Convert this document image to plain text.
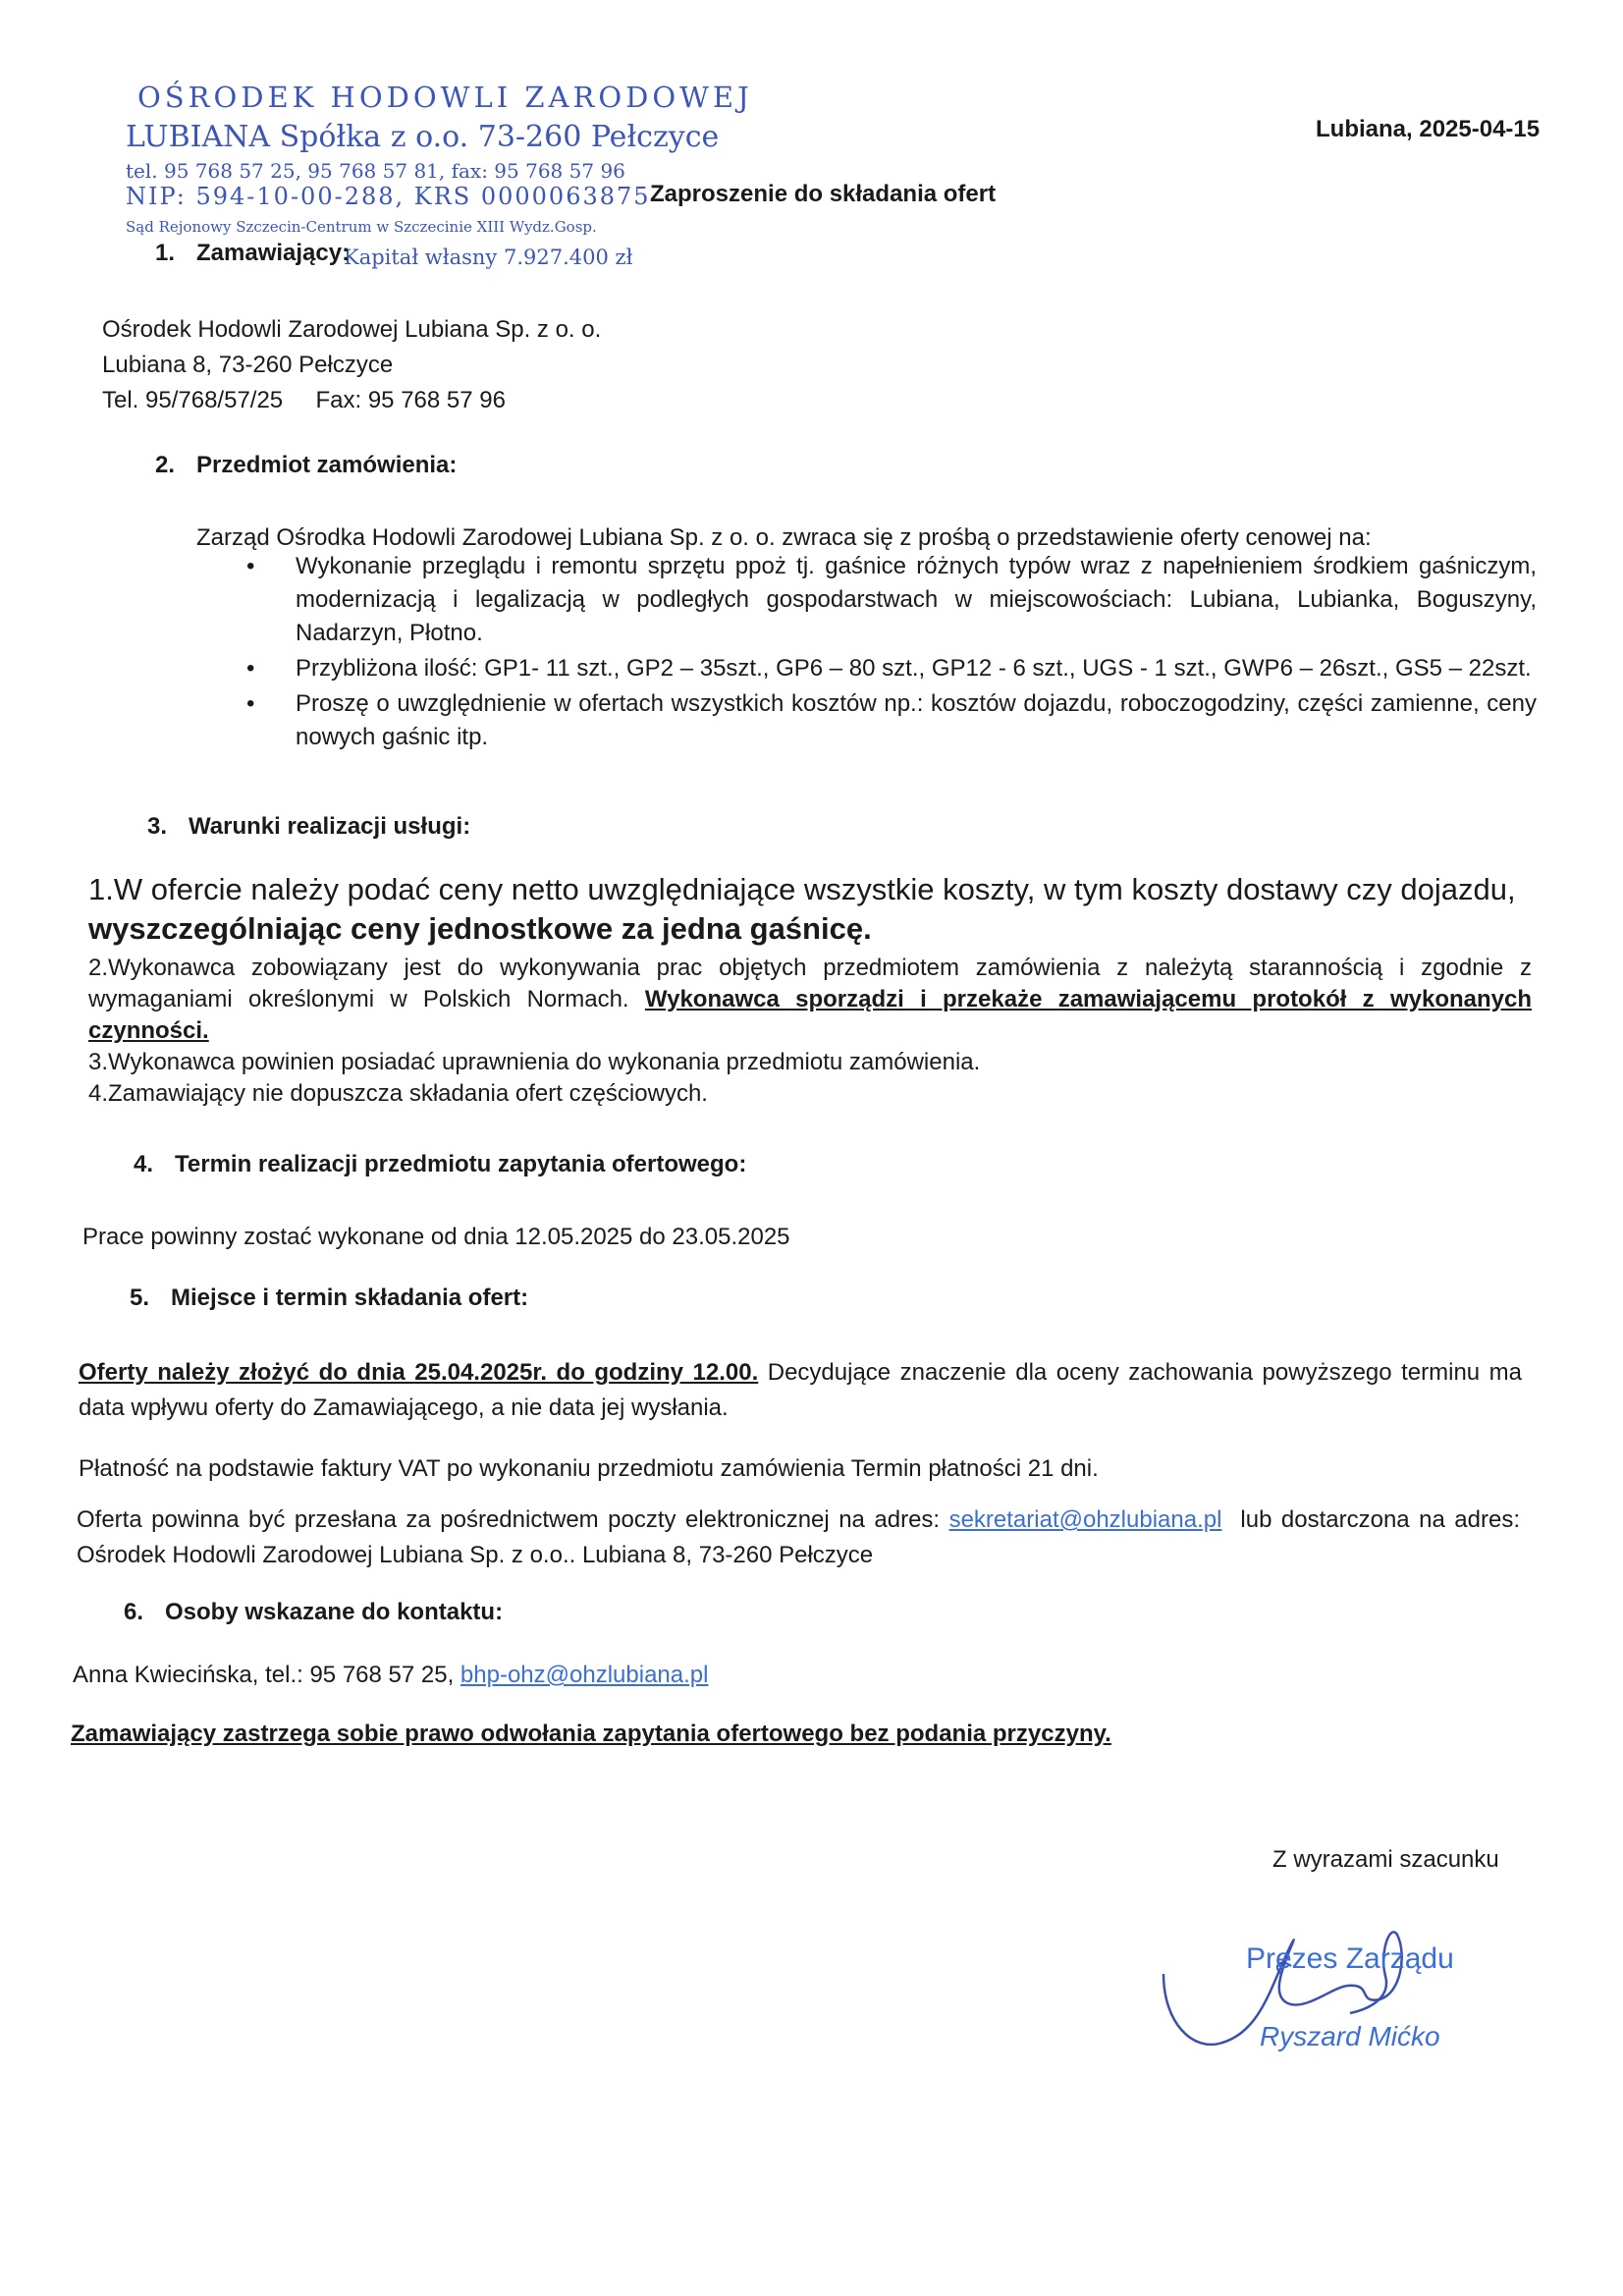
OŚRODEK HODOWLI ZARODOWEJ
LUBIANA Spółka z o.o. 73-260 Pełczyce
tel. 95 768 57 25, 95 768 57 81, fax: 95 768 57 96
NIP: 594-10-00-288, KRS 0000063875
Sąd Rejonowy Szczecin-Centrum w Szczecinie XIII Wydz.Gosp.
Kapitał własny 7.927.400 zł
Lubiana, 2025-04-15
Zaproszenie do składania ofert
1. Zamawiający:
Ośrodek Hodowli Zarodowej Lubiana Sp. z o. o.
Lubiana 8, 73-260 Pełczyce
Tel. 95/768/57/25     Fax: 95 768 57 96
2. Przedmiot zamówienia:
Zarząd Ośrodka Hodowli Zarodowej Lubiana Sp. z o. o. zwraca się z prośbą o przedstawienie oferty cenowej na:
• Wykonanie przeglądu i remontu sprzętu ppoż tj. gaśnice różnych typów wraz z napełnieniem środkiem gaśniczym, modernizacją i legalizacją w podległych gospodarstwach w miejscowościach: Lubiana, Lubianka, Boguszyny, Nadarzyn, Płotno.
• Przybliżona ilość: GP1- 11 szt., GP2 – 35szt., GP6 – 80 szt., GP12 - 6 szt., UGS - 1 szt., GWP6 – 26szt., GS5 – 22szt.
• Proszę o uwzględnienie w ofertach wszystkich kosztów np.: kosztów dojazdu, roboczogodziny, części zamienne, ceny nowych gaśnic itp.
3. Warunki realizacji usługi:
1.W ofercie należy podać ceny netto uwzględniające wszystkie koszty, w tym koszty dostawy czy dojazdu,
wyszczególniając ceny jednostkowe za jedna gaśnicę.
2.Wykonawca zobowiązany jest do wykonywania prac objętych przedmiotem zamówienia z należytą starannością i zgodnie z wymaganiami określonymi w Polskich Normach. Wykonawca sporządzi i przekaże zamawiającemu protokół z wykonanych czynności.
3.Wykonawca powinien posiadać uprawnienia do wykonania przedmiotu zamówienia.
4.Zamawiający nie dopuszcza składania ofert częściowych.
4. Termin realizacji przedmiotu zapytania ofertowego:
Prace powinny zostać wykonane od dnia 12.05.2025 do 23.05.2025
5. Miejsce i termin składania ofert:
Oferty należy złożyć do dnia 25.04.2025r. do godziny 12.00. Decydujące znaczenie dla oceny zachowania powyższego terminu ma data wpływu oferty do Zamawiającego, a nie data jej wysłania.
Płatność na podstawie faktury VAT po wykonaniu przedmiotu zamówienia Termin płatności 21 dni.
Oferta powinna być przesłana za pośrednictwem poczty elektronicznej na adres: sekretariat@ohzlubiana.pl  lub dostarczona na adres: Ośrodek Hodowli Zarodowej Lubiana Sp. z o.o.. Lubiana 8, 73-260 Pełczyce
6. Osoby wskazane do kontaktu:
Anna Kwiecińska, tel.: 95 768 57 25, bhp-ohz@ohzlubiana.pl
Zamawiający zastrzega sobie prawo odwołania zapytania ofertowego bez podania przyczyny.
Z wyrazami szacunku
Prezes Zarządu
Ryszard Mićko
